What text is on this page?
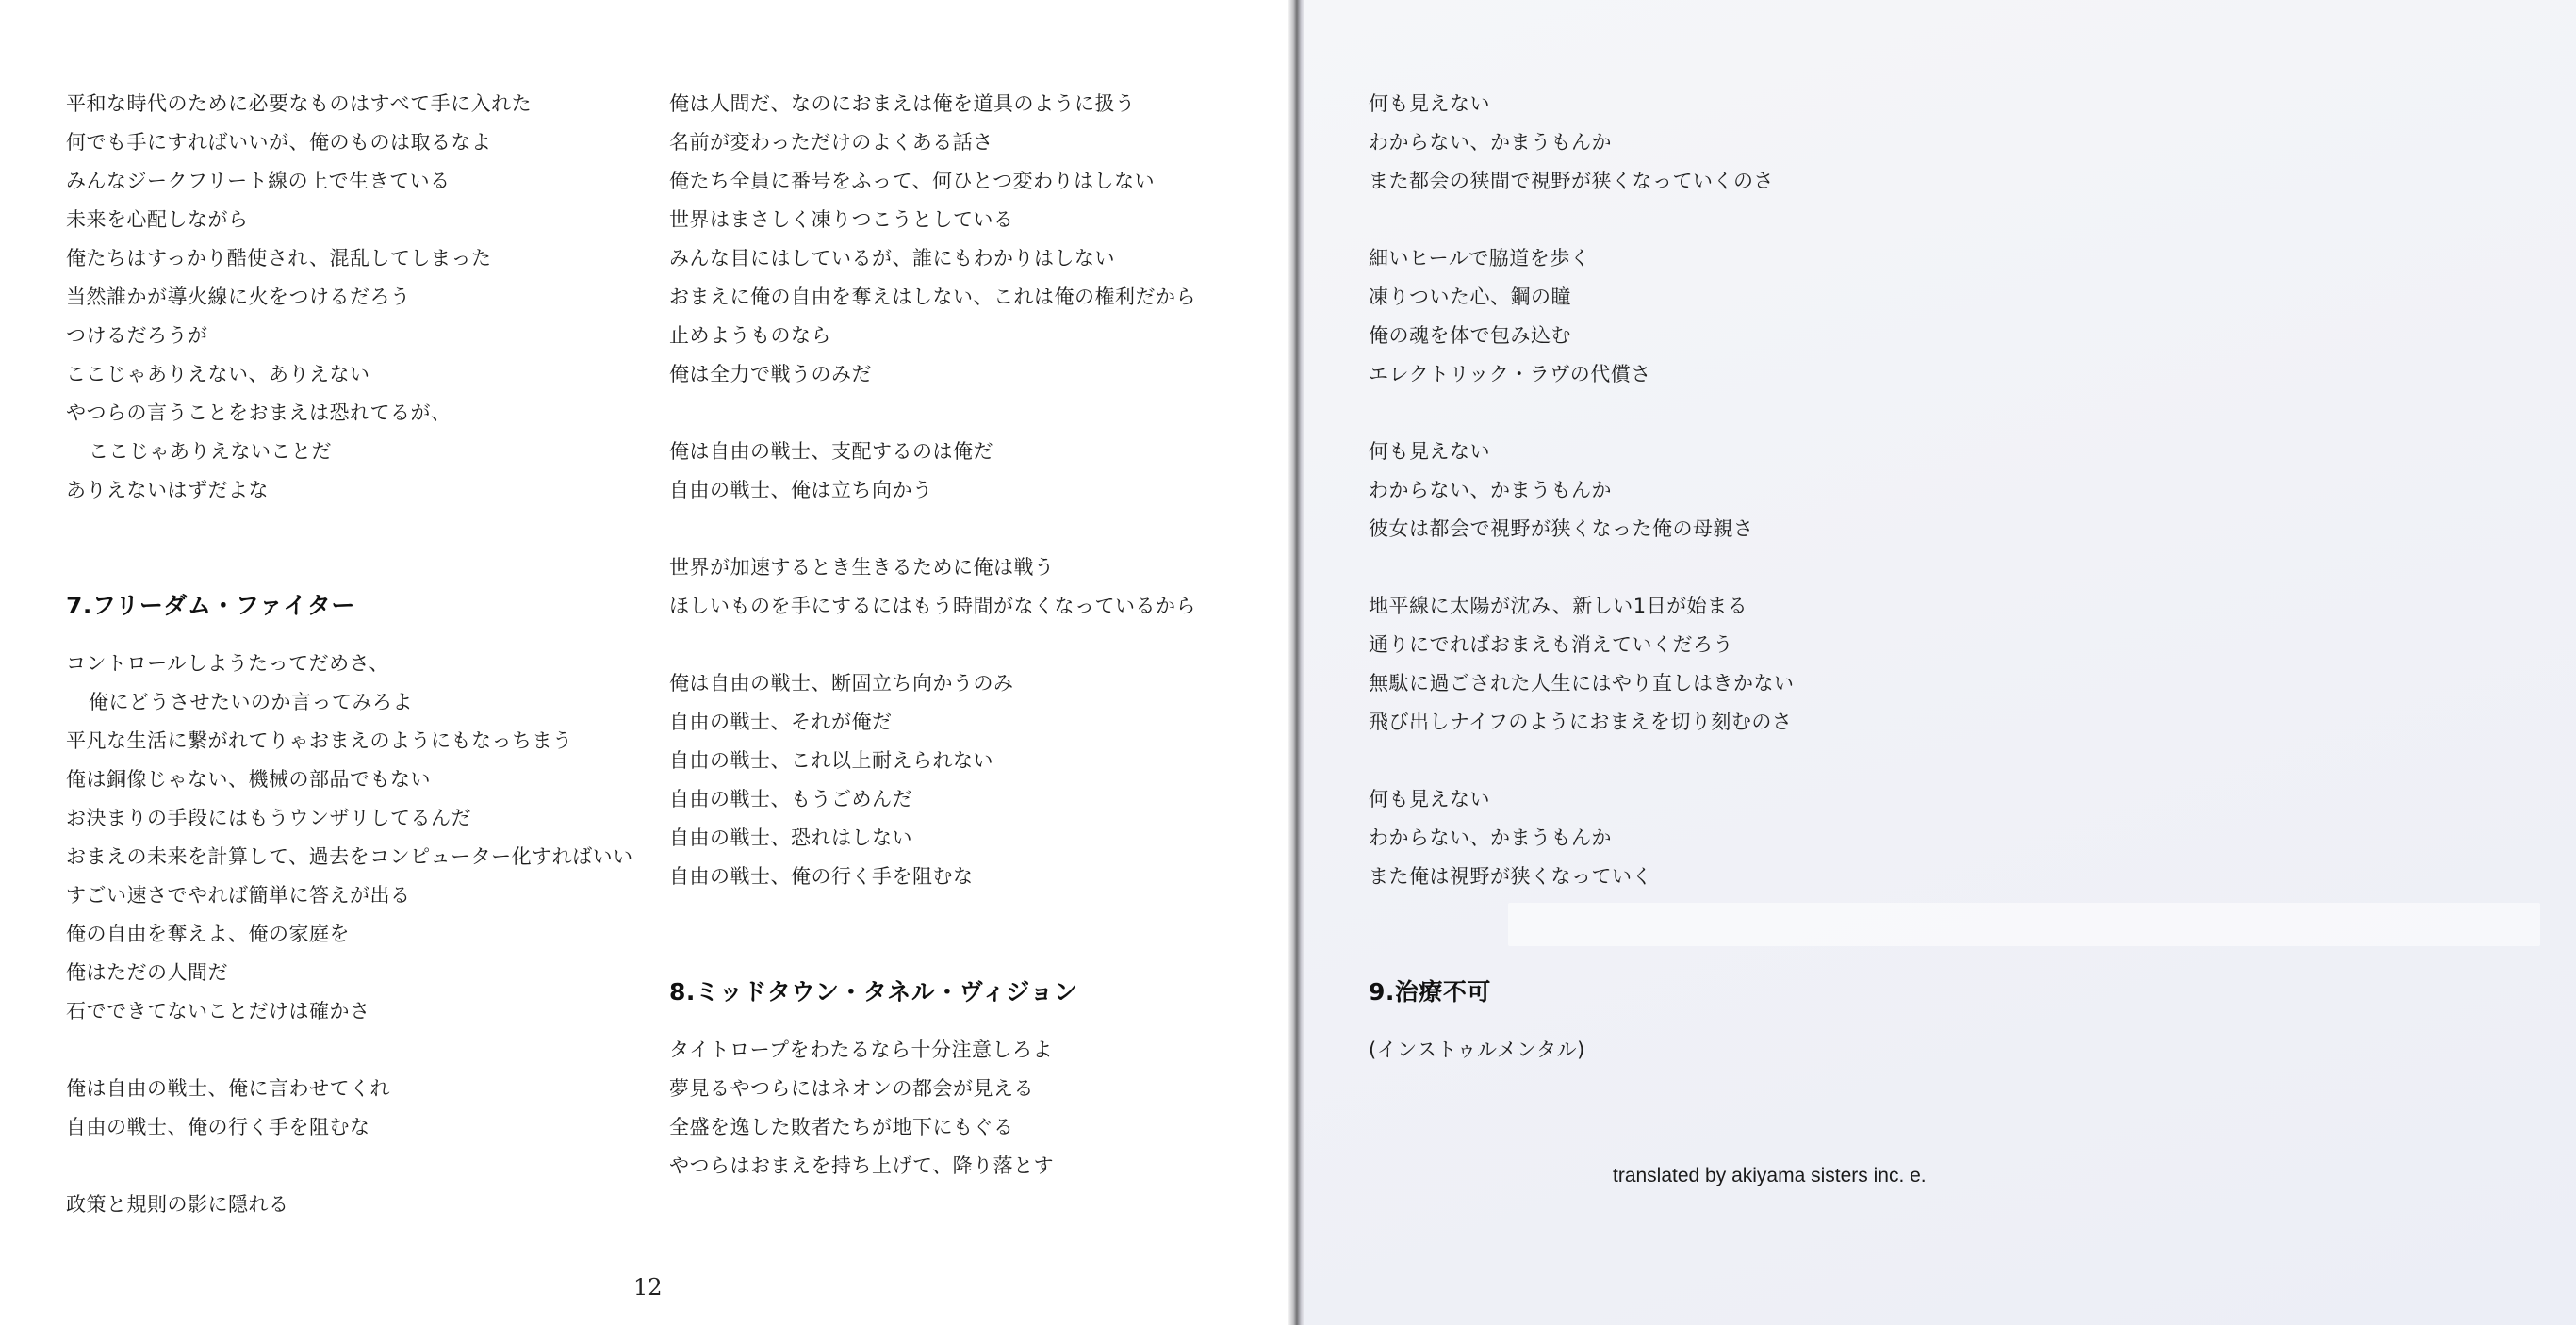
平和な時代のために必要なものはすべて手に入れた
何でも手にすればいいが、俺のものは取るなよ
みんなジークフリート線の上で生きている
未来を心配しながら
俺たちはすっかり酷使され、混乱してしまった
当然誰かが導火線に火をつけるだろう
つけるだろうが
ここじゃありえない、ありえない
やつらの言うことをおまえは恐れてるが、
ここじゃありえないことだ
ありえないはずだよな
7.フリーダム・ファイター
コントロールしようたってだめさ、
俺にどうさせたいのか言ってみろよ
平凡な生活に繋がれてりゃおまえのようにもなっちまう
俺は銅像じゃない、機械の部品でもない
お決まりの手段にはもうウンザリしてるんだ
おまえの未来を計算して、過去をコンピューター化すればいい
すごい速さでやれば簡単に答えが出る
俺の自由を奪えよ、俺の家庭を
俺はただの人間だ
石でできてないことだけは確かさ
俺は自由の戦士、俺に言わせてくれ
自由の戦士、俺の行く手を阻むな
政策と規則の影に隠れる
俺は人間だ、なのにおまえは俺を道具のように扱う
名前が変わっただけのよくある話さ
俺たち全員に番号をふって、何ひとつ変わりはしない
世界はまさしく凍りつこうとしている
みんな目にはしているが、誰にもわかりはしない
おまえに俺の自由を奪えはしない、これは俺の権利だから
止めようものなら
俺は全力で戦うのみだ
俺は自由の戦士、支配するのは俺だ
自由の戦士、俺は立ち向かう
世界が加速するとき生きるために俺は戦う
ほしいものを手にするにはもう時間がなくなっているから
俺は自由の戦士、断固立ち向かうのみ
自由の戦士、それが俺だ
自由の戦士、これ以上耐えられない
自由の戦士、もうごめんだ
自由の戦士、恐れはしない
自由の戦士、俺の行く手を阻むな
8.ミッドタウン・タネル・ヴィジョン
タイトロープをわたるなら十分注意しろよ
夢見るやつらにはネオンの都会が見える
全盛を逸した敗者たちが地下にもぐる
やつらはおまえを持ち上げて、降り落とす
何も見えない
わからない、かまうもんか
また都会の狭間で視野が狭くなっていくのさ
細いヒールで脇道を歩く
凍りついた心、鋼の瞳
俺の魂を体で包み込む
エレクトリック・ラヴの代償さ
何も見えない
わからない、かまうもんか
彼女は都会で視野が狭くなった俺の母親さ
地平線に太陽が沈み、新しい1日が始まる
通りにでればおまえも消えていくだろう
無駄に過ごされた人生にはやり直しはきかない
飛び出しナイフのようにおまえを切り刻むのさ
何も見えない
わからない、かまうもんか
また俺は視野が狭くなっていく
9.治療不可
(インストゥルメンタル)
12
translated by akiyama sisters inc. e.
